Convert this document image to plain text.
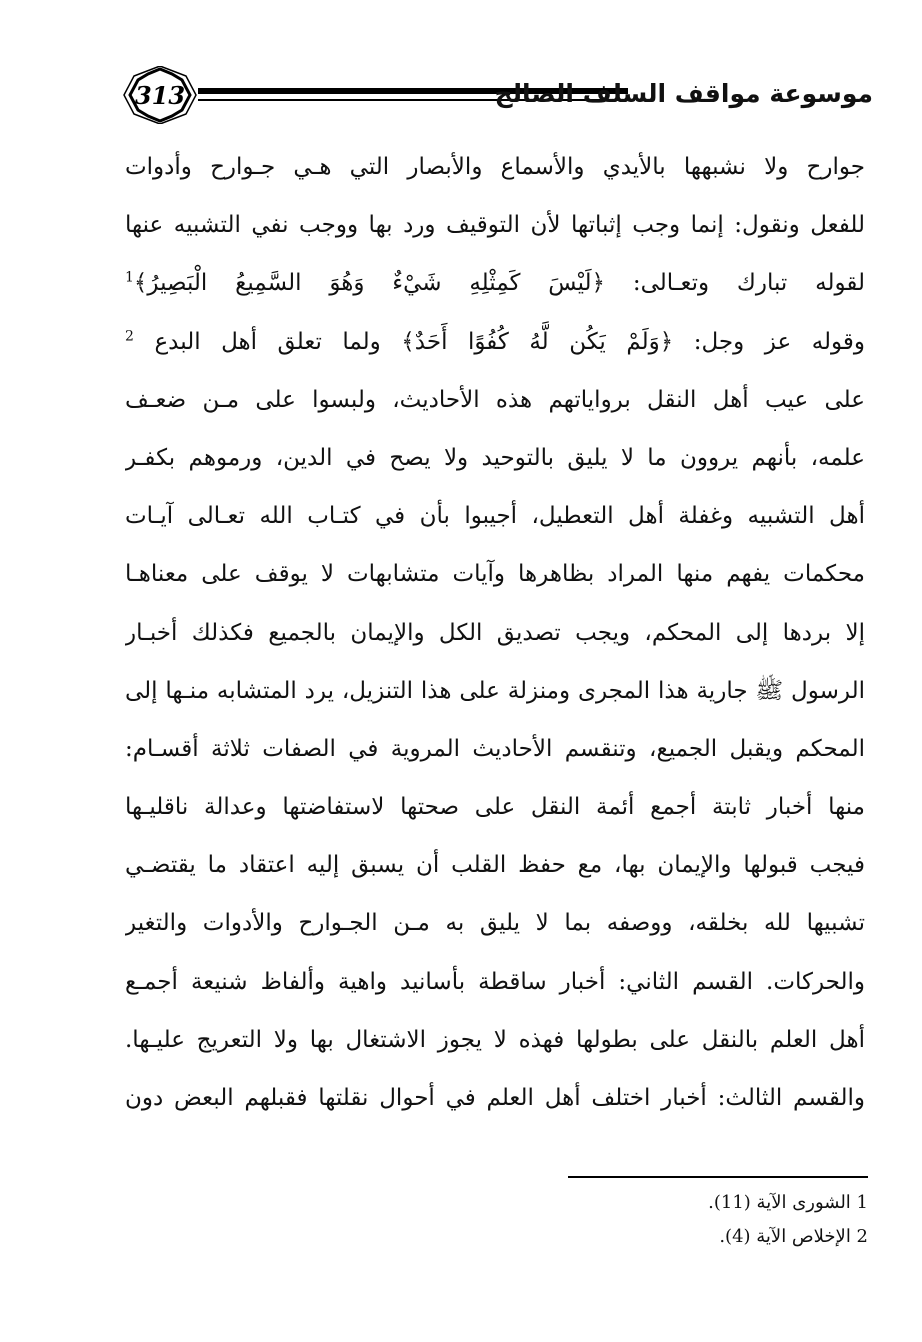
313	موسوعة مواقف السلف الصالح
جوارح ولا نشبهها بالأيدي والأسماع والأبصار التي هـي جـوارح وأدوات
للفعل ونقول: إنما وجب إثباتها لأن التوقيف ورد بها ووجب نفي التشبيه عنها
لقوله تبارك وتعـالى: ﴿لَيْسَ كَمِثْلِهِ شَيْءٌ وَهُوَ السَّمِيعُ الْبَصِيرُ﴾$^1$
وقوله عز وجل: ﴿وَلَمْ يَكُن لَّهُ كُفُوًا أَحَدٌ﴾ ولما تعلق أهل البدع $^2$
على عيب أهل النقل برواياتهم هذه الأحاديث، ولبسوا على مـن ضعـف
علمه، بأنهم يروون ما لا يليق بالتوحيد ولا يصح في الدين، ورموهم بكفـر
أهل التشبيه وغفلة أهل التعطيل، أجيبوا بأن في كتـاب الله تعـالى آيـات
محكمات يفهم منها المراد بظاهرها وآيات متشابهات لا يوقف على معناهـا
إلا بردها إلى المحكم، ويجب تصديق الكل والإيمان بالجميع فكذلك أخبـار
الرسول ﷺ جارية هذا المجرى ومنزلة على هذا التنزيل، يرد المتشابه منـها إلى
المحكم ويقبل الجميع، وتنقسم الأحاديث المروية في الصفات ثلاثة أقسـام:
منها أخبار ثابتة أجمع أئمة النقل على صحتها لاستفاضتها وعدالة ناقليـها
فيجب قبولها والإيمان بها، مع حفظ القلب أن يسبق إليه اعتقاد ما يقتضـي
تشبيها لله بخلقه، ووصفه بما لا يليق به مـن الجـوارح والأدوات والتغير
والحركات. القسم الثاني: أخبار ساقطة بأسانيد واهية وألفاظ شنيعة أجمـع
أهل العلم بالنقل على بطولها فهذه لا يجوز الاشتغال بها ولا التعريج عليـها.
والقسم الثالث: أخبار اختلف أهل العلم في أحوال نقلتها فقبلهم البعض دون
1 الشورى الآية (11).
2 الإخلاص الآية (4).
